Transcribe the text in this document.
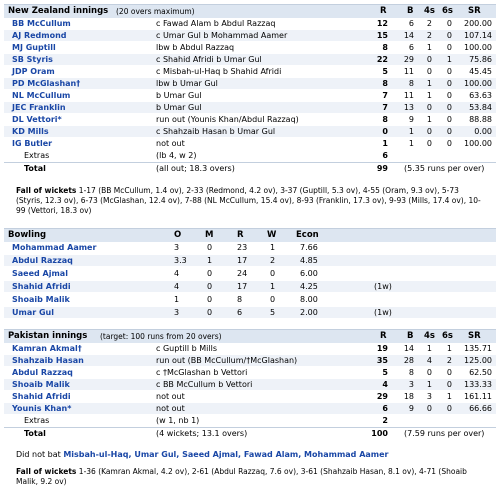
New Zealand innings (20 overs maximum)	R B 4s 6s SR
BB McCullum	c Fawad Alam b Abdul Razzaq	12	6	2	0	200.00
AJ Redmond	c Umar Gul b Mohammad Aamer	15	14	2	0	107.14
MJ Guptill	lbw b Abdul Razzaq	8	6	1	0	100.00
SB Styris	c Shahid Afridi b Umar Gul	22	29	0	1	75.86
JDP Oram	c Misbah-ul-Haq b Shahid Afridi	5	11	0	0	45.45
PD McGlashan†	lbw b Umar Gul	8	8	1	0	100.00
NL McCullum	b Umar Gul	7	11	1	0	63.63
JEC Franklin	b Umar Gul	7	13	0	0	53.84
DL Vettori*	run out (Younis Khan/Abdul Razzaq)	8	9	1	0	88.88
KD Mills	c Shahzaib Hasan b Umar Gul	0	1	0	0	0.00
IG Butler	not out	1	1	0	0	100.00
Extras	(lb 4, w 2)	6
Total	(all out; 18.3 overs)	99 (5.35 runs per over)
Fall of wickets 1-17 (BB McCullum, 1.4 ov), 2-33 (Redmond, 4.2 ov), 3-37 (Guptill, 5.3 ov), 4-55 (Oram, 9.3 ov), 5-73 (Styris, 12.3 ov), 6-73 (McGlashan, 12.4 ov), 7-88 (NL McCullum, 15.4 ov), 8-93 (Franklin, 17.3 ov), 9-93 (Mills, 17.4 ov), 10-99 (Vettori, 18.3 ov)
Bowling	O	M	R	W Econ
Mohammad Aamer	3	0	23	1	7.66
Abdul Razzaq	3.3	1	17	2	4.85
Saeed Ajmal	4	0	24	0	6.00
Shahid Afridi	4	0	17	1	4.25	(1w)
Shoaib Malik	1	0	8	0	8.00
Umar Gul	3	0	6	5	2.00	(1w)
Pakistan innings (target: 100 runs from 20 overs)	R B 4s 6s SR
Kamran Akmal†	c Guptill b Mills	19	14	1	1	135.71
Shahzaib Hasan	run out (BB McCullum/†McGlashan)	35	28	4	2	125.00
Abdul Razzaq	c †McGlashan b Vettori	5	8	0	0	62.50
Shoaib Malik	c BB McCullum b Vettori	4	3	1	0	133.33
Shahid Afridi	not out	29	18	3	1	161.11
Younis Khan*	not out	6	9	0	0	66.66
Extras	(w 1, nb 1)	2
Total	(4 wickets; 13.1 overs)	100 (7.59 runs per over)
Did not bat Misbah-ul-Haq, Umar Gul, Saeed Ajmal, Fawad Alam, Mohammad Aamer
Fall of wickets 1-36 (Kamran Akmal, 4.2 ov), 2-61 (Abdul Razzaq, 7.6 ov), 3-61 (Shahzaib Hasan, 8.1 ov), 4-71 (Shoaib Malik, 9.2 ov)
